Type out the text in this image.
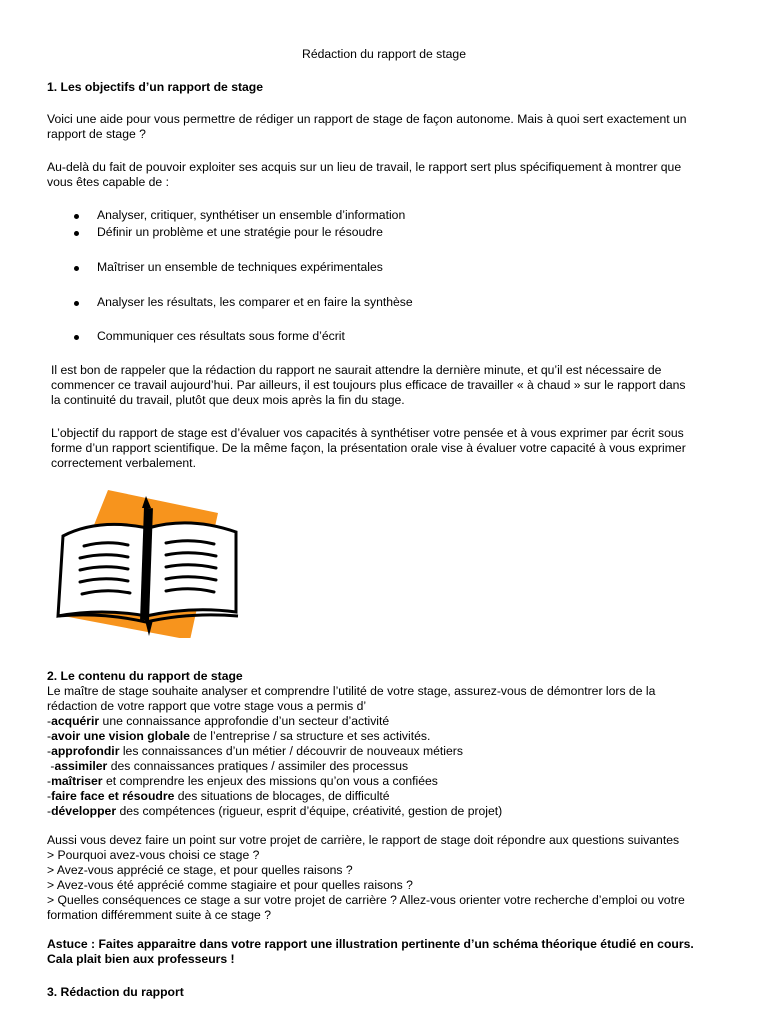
Rédaction du rapport de stage
1. Les objectifs d’un rapport de stage
Voici une aide pour vous permettre de rédiger un rapport de stage de façon autonome. Mais à quoi sert exactement un
rapport de stage ?
Au-delà du fait de pouvoir exploiter ses acquis sur un lieu de travail, le rapport sert plus spécifiquement à montrer que
vous êtes capable de :
Analyser, critiquer, synthétiser un ensemble d’information
Définir un problème et une stratégie pour le résoudre
Maîtriser un ensemble de techniques expérimentales
Analyser les résultats, les comparer et en faire la synthèse
Communiquer ces résultats sous forme d’écrit
Il est bon de rappeler que la rédaction du rapport ne saurait attendre la dernière minute, et qu’il est nécessaire de
commencer ce travail aujourd’hui. Par ailleurs, il est toujours plus efficace de travailler « à chaud » sur le rapport dans
la continuité du travail, plutôt que deux mois après la fin du stage.
L’objectif du rapport de stage est d’évaluer vos capacités à synthétiser votre pensée et à vous exprimer par écrit sous
forme d’un rapport scientifique. De la même façon, la présentation orale vise à évaluer votre capacité à vous exprimer
correctement verbalement.
2. Le contenu du rapport de stage
Le maître de stage souhaite analyser et comprendre l’utilité de votre stage, assurez-vous de démontrer lors de la
rédaction de votre rapport que votre stage vous a permis d’
-acquérir une connaissance approfondie d’un secteur d’activité
-avoir une vision globale de l’entreprise / sa structure et ses activités.
-approfondir les connaissances d’un métier / découvrir de nouveaux métiers
-assimiler des connaissances pratiques / assimiler des processus
-maîtriser et comprendre les enjeux des missions qu’on vous a confiées
-faire face et résoudre des situations de blocages, de difficulté
-développer des compétences (rigueur, esprit d’équipe, créativité, gestion de projet)
Aussi vous devez faire un point sur votre projet de carrière, le rapport de stage doit répondre aux questions suivantes
> Pourquoi avez-vous choisi ce stage ?
> Avez-vous apprécié ce stage, et pour quelles raisons ?
> Avez-vous été apprécié comme stagiaire et pour quelles raisons ?
> Quelles conséquences ce stage a sur votre projet de carrière ? Allez-vous orienter votre recherche d’emploi ou votre
formation différemment suite à ce stage ?
Astuce : Faites apparaitre dans votre rapport une illustration pertinente d’un schéma théorique étudié en cours.
Cala plait bien aux professeurs !
3. Rédaction du rapport
